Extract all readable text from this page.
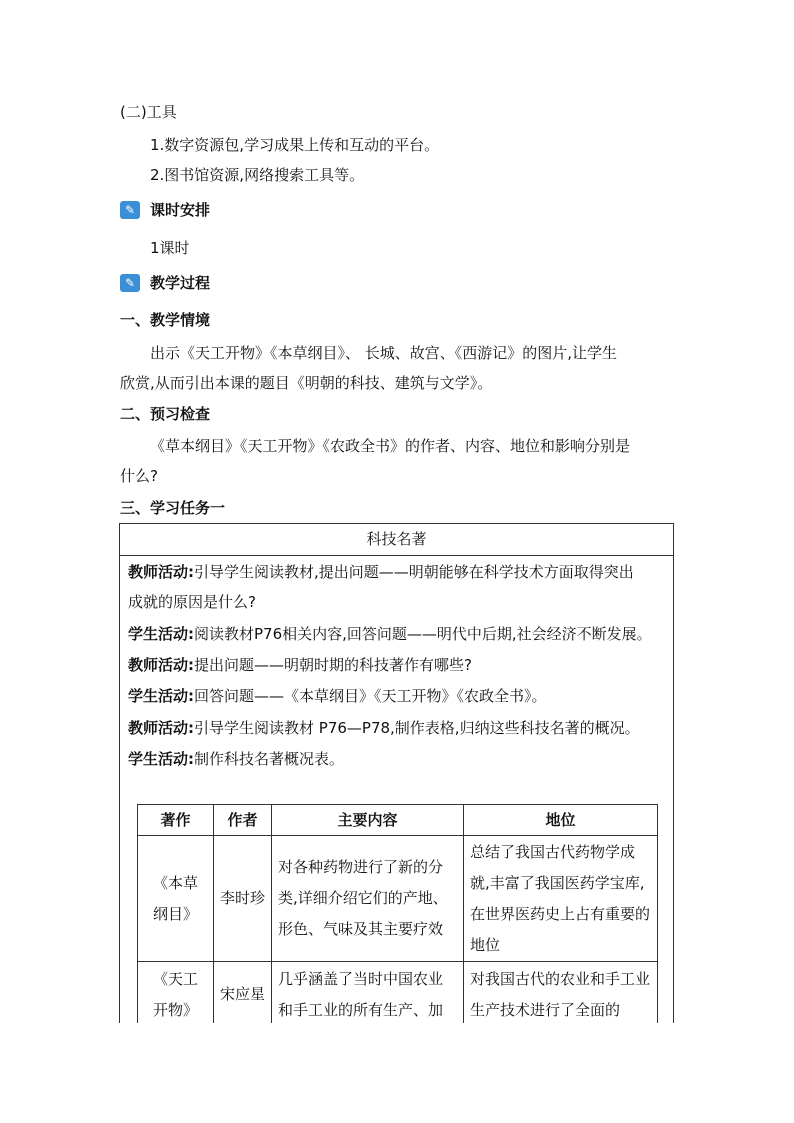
(二)工具
1.数字资源包,学习成果上传和互动的平台。
2.图书馆资源,网络搜索工具等。
✎ 课时安排
1课时
✎ 教学过程
一、教学情境
出示《天工开物》《本草纲目》、 长城、故宫、《西游记》的图片,让学生
欣赏,从而引出本课的题目《明朝的科技、建筑与文学》。
二、预习检查
《草本纲目》《天工开物》《农政全书》的作者、内容、地位和影响分别是
什么?
三、学习任务一
科技名著
教师活动:引导学生阅读教材,提出问题——明朝能够在科学技术方面取得突出
成就的原因是什么?
学生活动:阅读教材P76相关内容,回答问题——明代中后期,社会经济不断发展。
教师活动:提出问题——明朝时期的科技著作有哪些?
学生活动:回答问题——《本草纲目》《天工开物》《农政全书》。
教师活动:引导学生阅读教材 P76—P78,制作表格,归纳这些科技名著的概况。
学生活动:制作科技名著概况表。
著作	作者	主要内容	地位
《本草纲目》	李时珍	对各种药物进行了新的分类,详细介绍它们的产地、形色、气味及其主要疗效	总结了我国古代药物学成就,丰富了我国医药学宝库,在世界医药史上占有重要的地位
《天工开物》	宋应星	几乎涵盖了当时中国农业和手工业的所有生产、加	对我国古代的农业和手工业生产技术进行了全面的
